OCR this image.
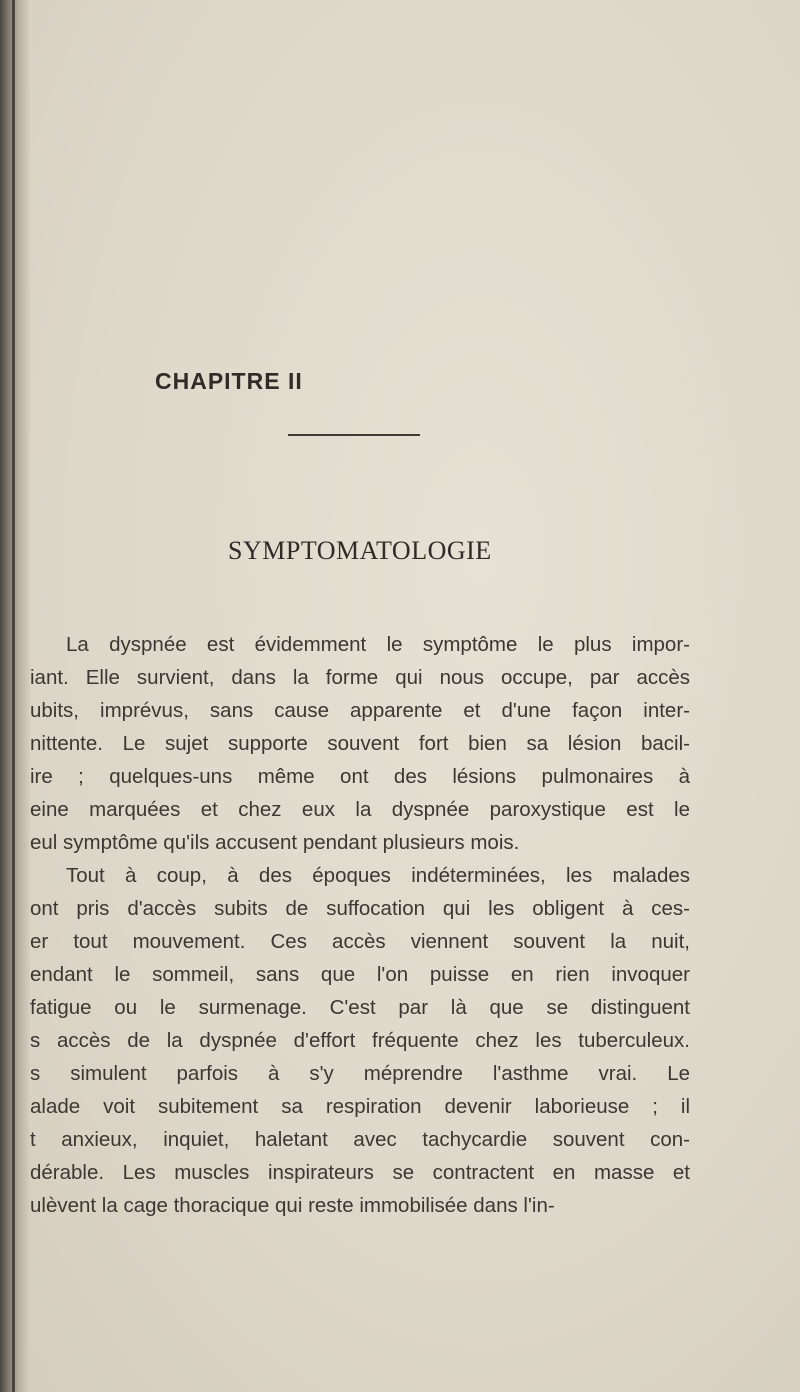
CHAPITRE II
SYMPTOMATOLOGIE
La dyspnée est évidemment le symptôme le plus impor-
iant. Elle survient, dans la forme qui nous occupe, par accès
ubits, imprévus, sans cause apparente et d'une façon inter-
nittente. Le sujet supporte souvent fort bien sa lésion bacil-
ire ; quelques-uns même ont des lésions pulmonaires à
eine marquées et chez eux la dyspnée paroxystique est le
eul symptôme qu'ils accusent pendant plusieurs mois.
Tout à coup, à des époques indéterminées, les malades
ont pris d'accès subits de suffocation qui les obligent à ces-
er tout mouvement. Ces accès viennent souvent la nuit,
endant le sommeil, sans que l'on puisse en rien invoquer
fatigue ou le surmenage. C'est par là que se distinguent
s accès de la dyspnée d'effort fréquente chez les tuberculeux.
s simulent parfois à s'y méprendre l'asthme vrai. Le
alade voit subitement sa respiration devenir laborieuse ; il
t anxieux, inquiet, haletant avec tachycardie souvent con-
dérable. Les muscles inspirateurs se contractent en masse et
ulèvent la cage thoracique qui reste immobilisée dans l'in-
